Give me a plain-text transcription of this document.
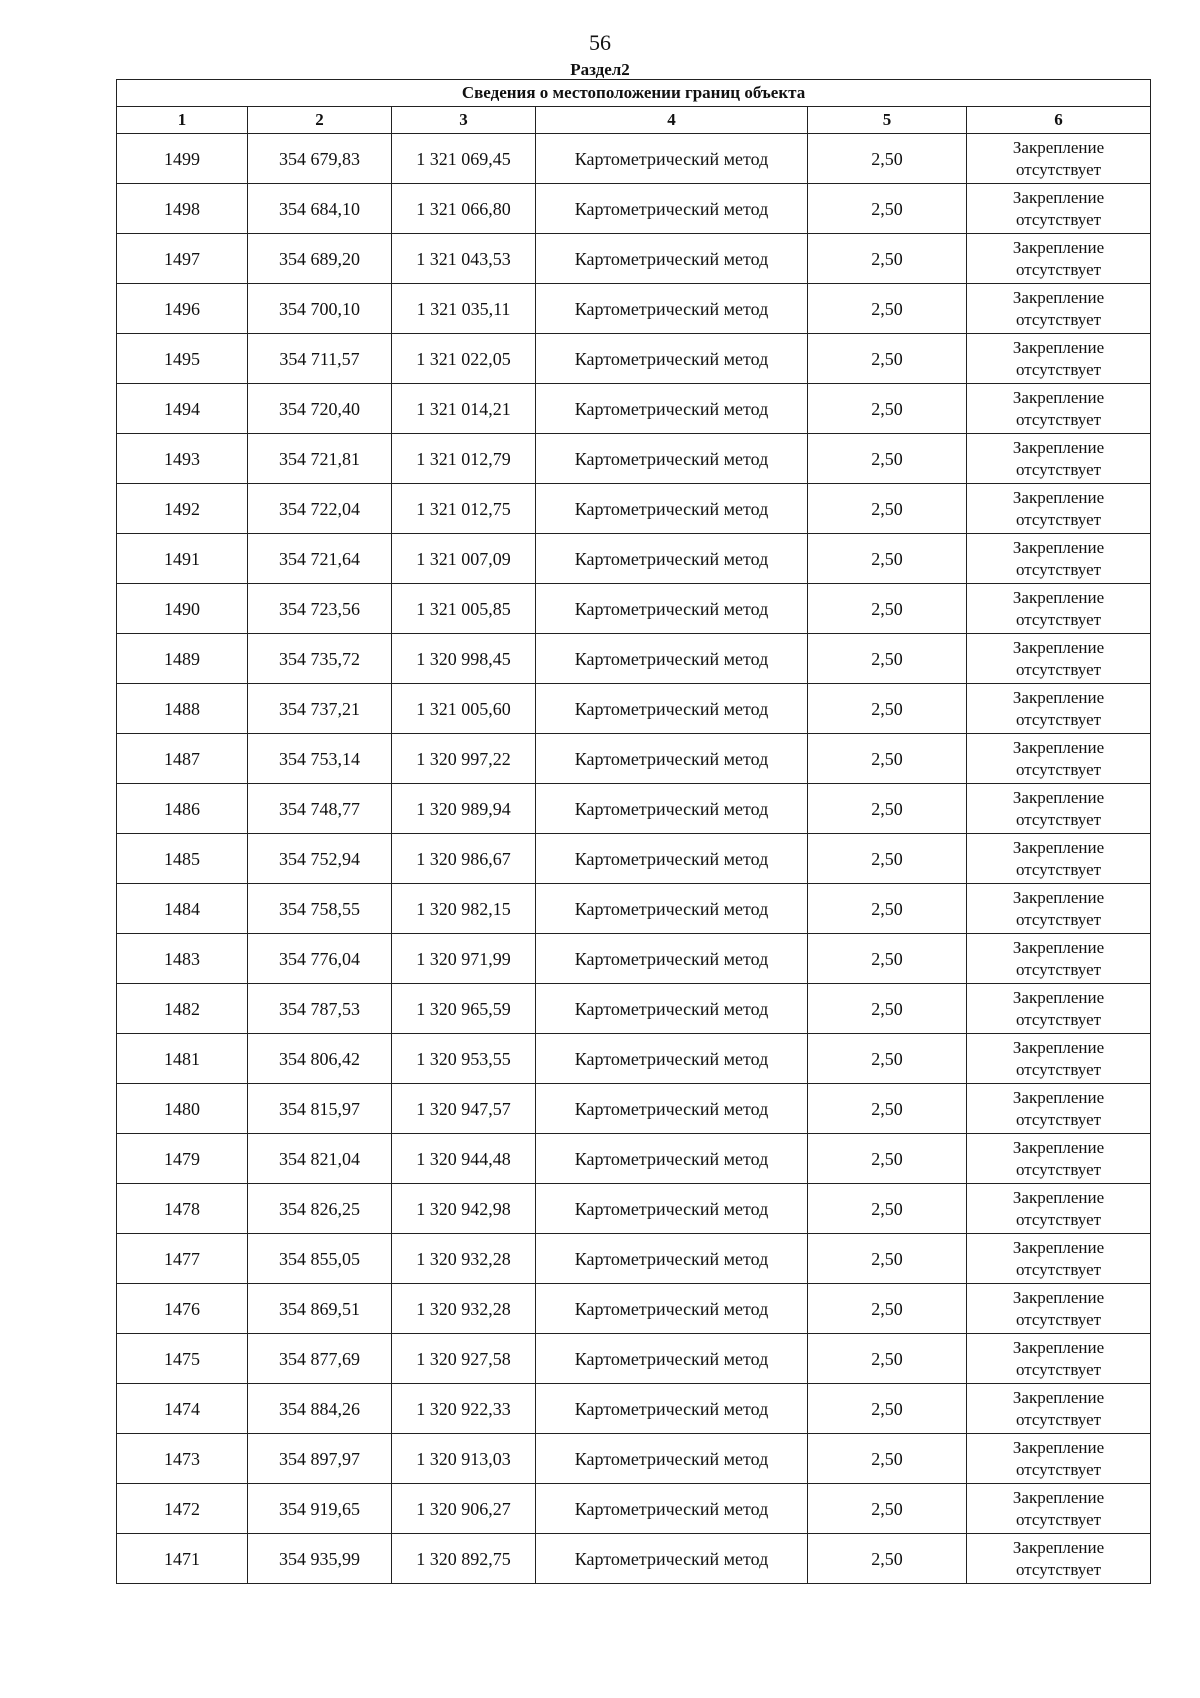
56
Раздел2
Сведения о местоположении границ объекта					
1	2	3	4	5	6
1499	354 679,83	1 321 069,45	Картометрический метод	2,50	Закрепление
отсутствует

1498	354 684,10	1 321 066,80	Картометрический метод	2,50	Закрепление
отсутствует

1497	354 689,20	1 321 043,53	Картометрический метод	2,50	Закрепление
отсутствует

1496	354 700,10	1 321 035,11	Картометрический метод	2,50	Закрепление
отсутствует

1495	354 711,57	1 321 022,05	Картометрический метод	2,50	Закрепление
отсутствует

1494	354 720,40	1 321 014,21	Картометрический метод	2,50	Закрепление
отсутствует

1493	354 721,81	1 321 012,79	Картометрический метод	2,50	Закрепление
отсутствует

1492	354 722,04	1 321 012,75	Картометрический метод	2,50	Закрепление
отсутствует

1491	354 721,64	1 321 007,09	Картометрический метод	2,50	Закрепление
отсутствует

1490	354 723,56	1 321 005,85	Картометрический метод	2,50	Закрепление
отсутствует

1489	354 735,72	1 320 998,45	Картометрический метод	2,50	Закрепление
отсутствует

1488	354 737,21	1 321 005,60	Картометрический метод	2,50	Закрепление
отсутствует

1487	354 753,14	1 320 997,22	Картометрический метод	2,50	Закрепление
отсутствует

1486	354 748,77	1 320 989,94	Картометрический метод	2,50	Закрепление
отсутствует

1485	354 752,94	1 320 986,67	Картометрический метод	2,50	Закрепление
отсутствует

1484	354 758,55	1 320 982,15	Картометрический метод	2,50	Закрепление
отсутствует

1483	354 776,04	1 320 971,99	Картометрический метод	2,50	Закрепление
отсутствует

1482	354 787,53	1 320 965,59	Картометрический метод	2,50	Закрепление
отсутствует

1481	354 806,42	1 320 953,55	Картометрический метод	2,50	Закрепление
отсутствует

1480	354 815,97	1 320 947,57	Картометрический метод	2,50	Закрепление
отсутствует

1479	354 821,04	1 320 944,48	Картометрический метод	2,50	Закрепление
отсутствует

1478	354 826,25	1 320 942,98	Картометрический метод	2,50	Закрепление
отсутствует

1477	354 855,05	1 320 932,28	Картометрический метод	2,50	Закрепление
отсутствует

1476	354 869,51	1 320 932,28	Картометрический метод	2,50	Закрепление
отсутствует

1475	354 877,69	1 320 927,58	Картометрический метод	2,50	Закрепление
отсутствует

1474	354 884,26	1 320 922,33	Картометрический метод	2,50	Закрепление
отсутствует

1473	354 897,97	1 320 913,03	Картометрический метод	2,50	Закрепление
отсутствует

1472	354 919,65	1 320 906,27	Картометрический метод	2,50	Закрепление
отсутствует

1471	354 935,99	1 320 892,75	Картометрический метод	2,50	Закрепление
отсутствует
